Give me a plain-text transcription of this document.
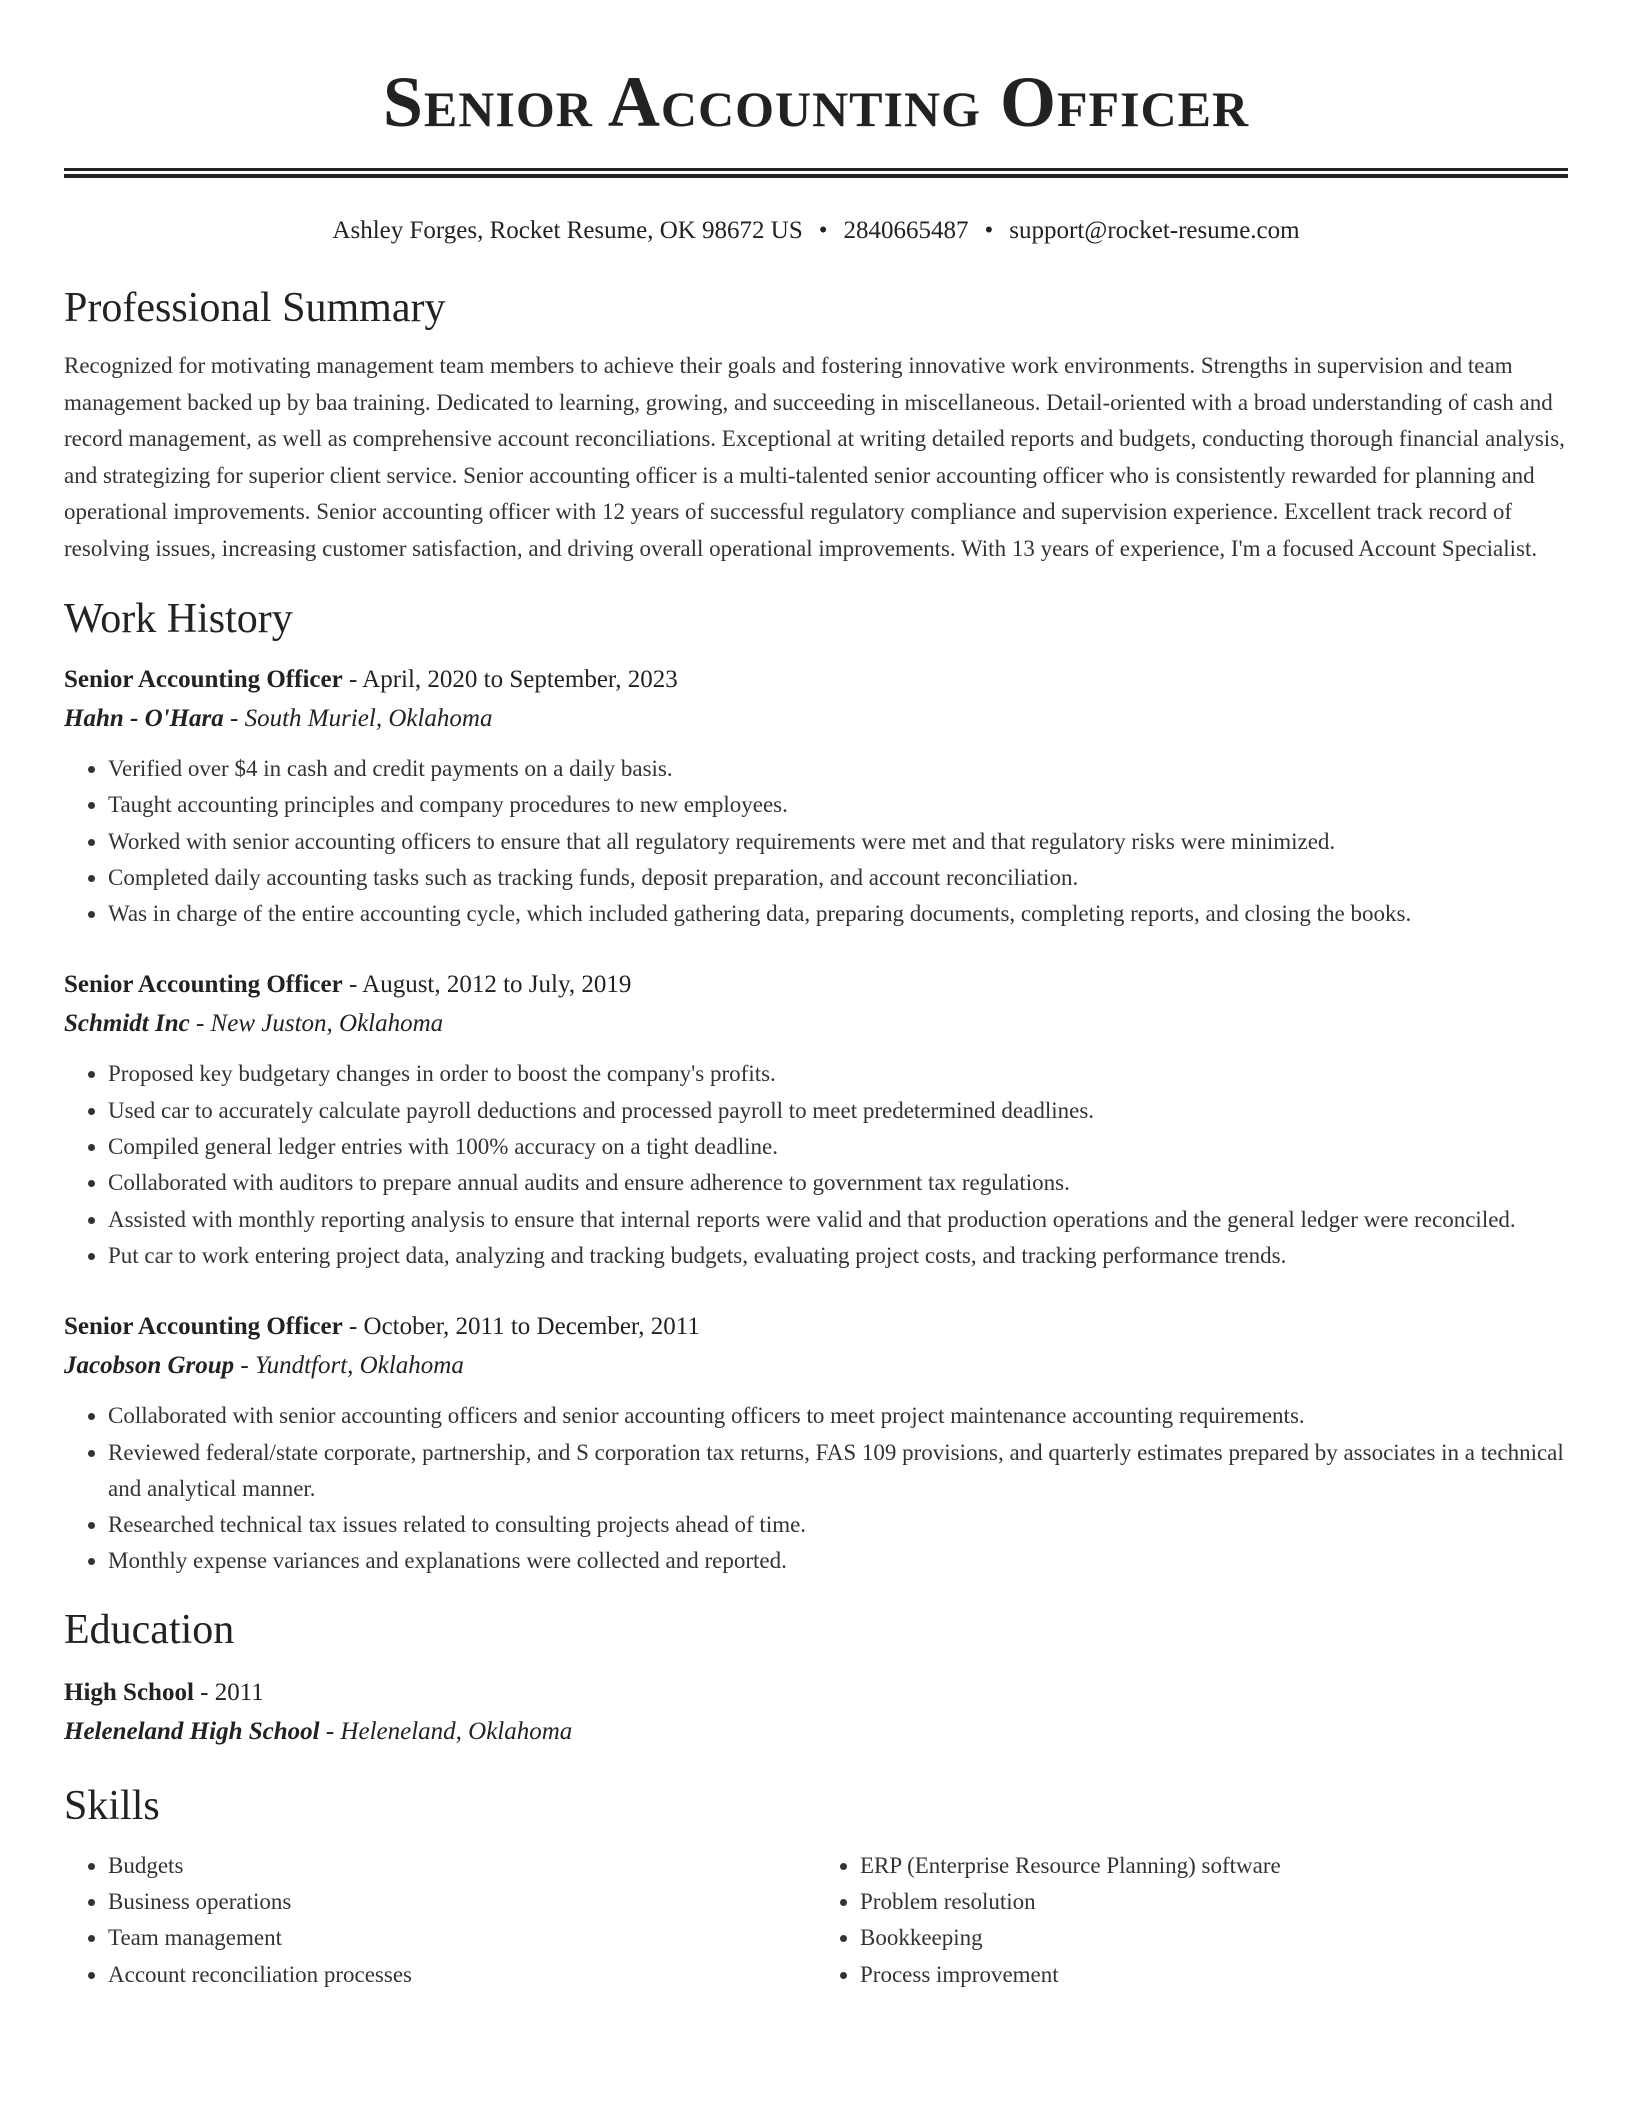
Senior Accounting Officer
Ashley Forges, Rocket Resume, OK 98672 US • 2840665487 • support@rocket-resume.com
Professional Summary

Recognized for motivating management team members to achieve their goals and fostering innovative work environments. Strengths in supervision and team management backed up by baa training. Dedicated to learning, growing, and succeeding in miscellaneous. Detail-oriented with a broad understanding of cash and record management, as well as comprehensive account reconciliations. Exceptional at writing detailed reports and budgets, conducting thorough financial analysis, and strategizing for superior client service. Senior accounting officer is a multi-talented senior accounting officer who is consistently rewarded for planning and operational improvements. Senior accounting officer with 12 years of successful regulatory compliance and supervision experience. Excellent track record of resolving issues, increasing customer satisfaction, and driving overall operational improvements. With 13 years of experience, I'm a focused Account Specialist.

Work History
Senior Accounting Officer - April, 2020 to September, 2023
Hahn - O'Hara - South Muriel, Oklahoma
• Verified over $4 in cash and credit payments on a daily basis.
• Taught accounting principles and company procedures to new employees.
• Worked with senior accounting officers to ensure that all regulatory requirements were met and that regulatory risks were minimized.
• Completed daily accounting tasks such as tracking funds, deposit preparation, and account reconciliation.
• Was in charge of the entire accounting cycle, which included gathering data, preparing documents, completing reports, and closing the books.
Senior Accounting Officer - August, 2012 to July, 2019
Schmidt Inc - New Juston, Oklahoma
• Proposed key budgetary changes in order to boost the company's profits.
• Used car to accurately calculate payroll deductions and processed payroll to meet predetermined deadlines.
• Compiled general ledger entries with 100% accuracy on a tight deadline.
• Collaborated with auditors to prepare annual audits and ensure adherence to government tax regulations.
• Assisted with monthly reporting analysis to ensure that internal reports were valid and that production operations and the general ledger were reconciled.
• Put car to work entering project data, analyzing and tracking budgets, evaluating project costs, and tracking performance trends.
Senior Accounting Officer - October, 2011 to December, 2011
Jacobson Group - Yundtfort, Oklahoma
• Collaborated with senior accounting officers and senior accounting officers to meet project maintenance accounting requirements.
• Reviewed federal/state corporate, partnership, and S corporation tax returns, FAS 109 provisions, and quarterly estimates prepared by associates in a technical and analytical manner.
• Researched technical tax issues related to consulting projects ahead of time.
• Monthly expense variances and explanations were collected and reported.
Education
High School - 2011
Heleneland High School - Heleneland, Oklahoma
Skills
• Budgets
• Business operations
• Team management
• Account reconciliation processes
• ERP (Enterprise Resource Planning) software
• Problem resolution
• Bookkeeping
• Process improvement
